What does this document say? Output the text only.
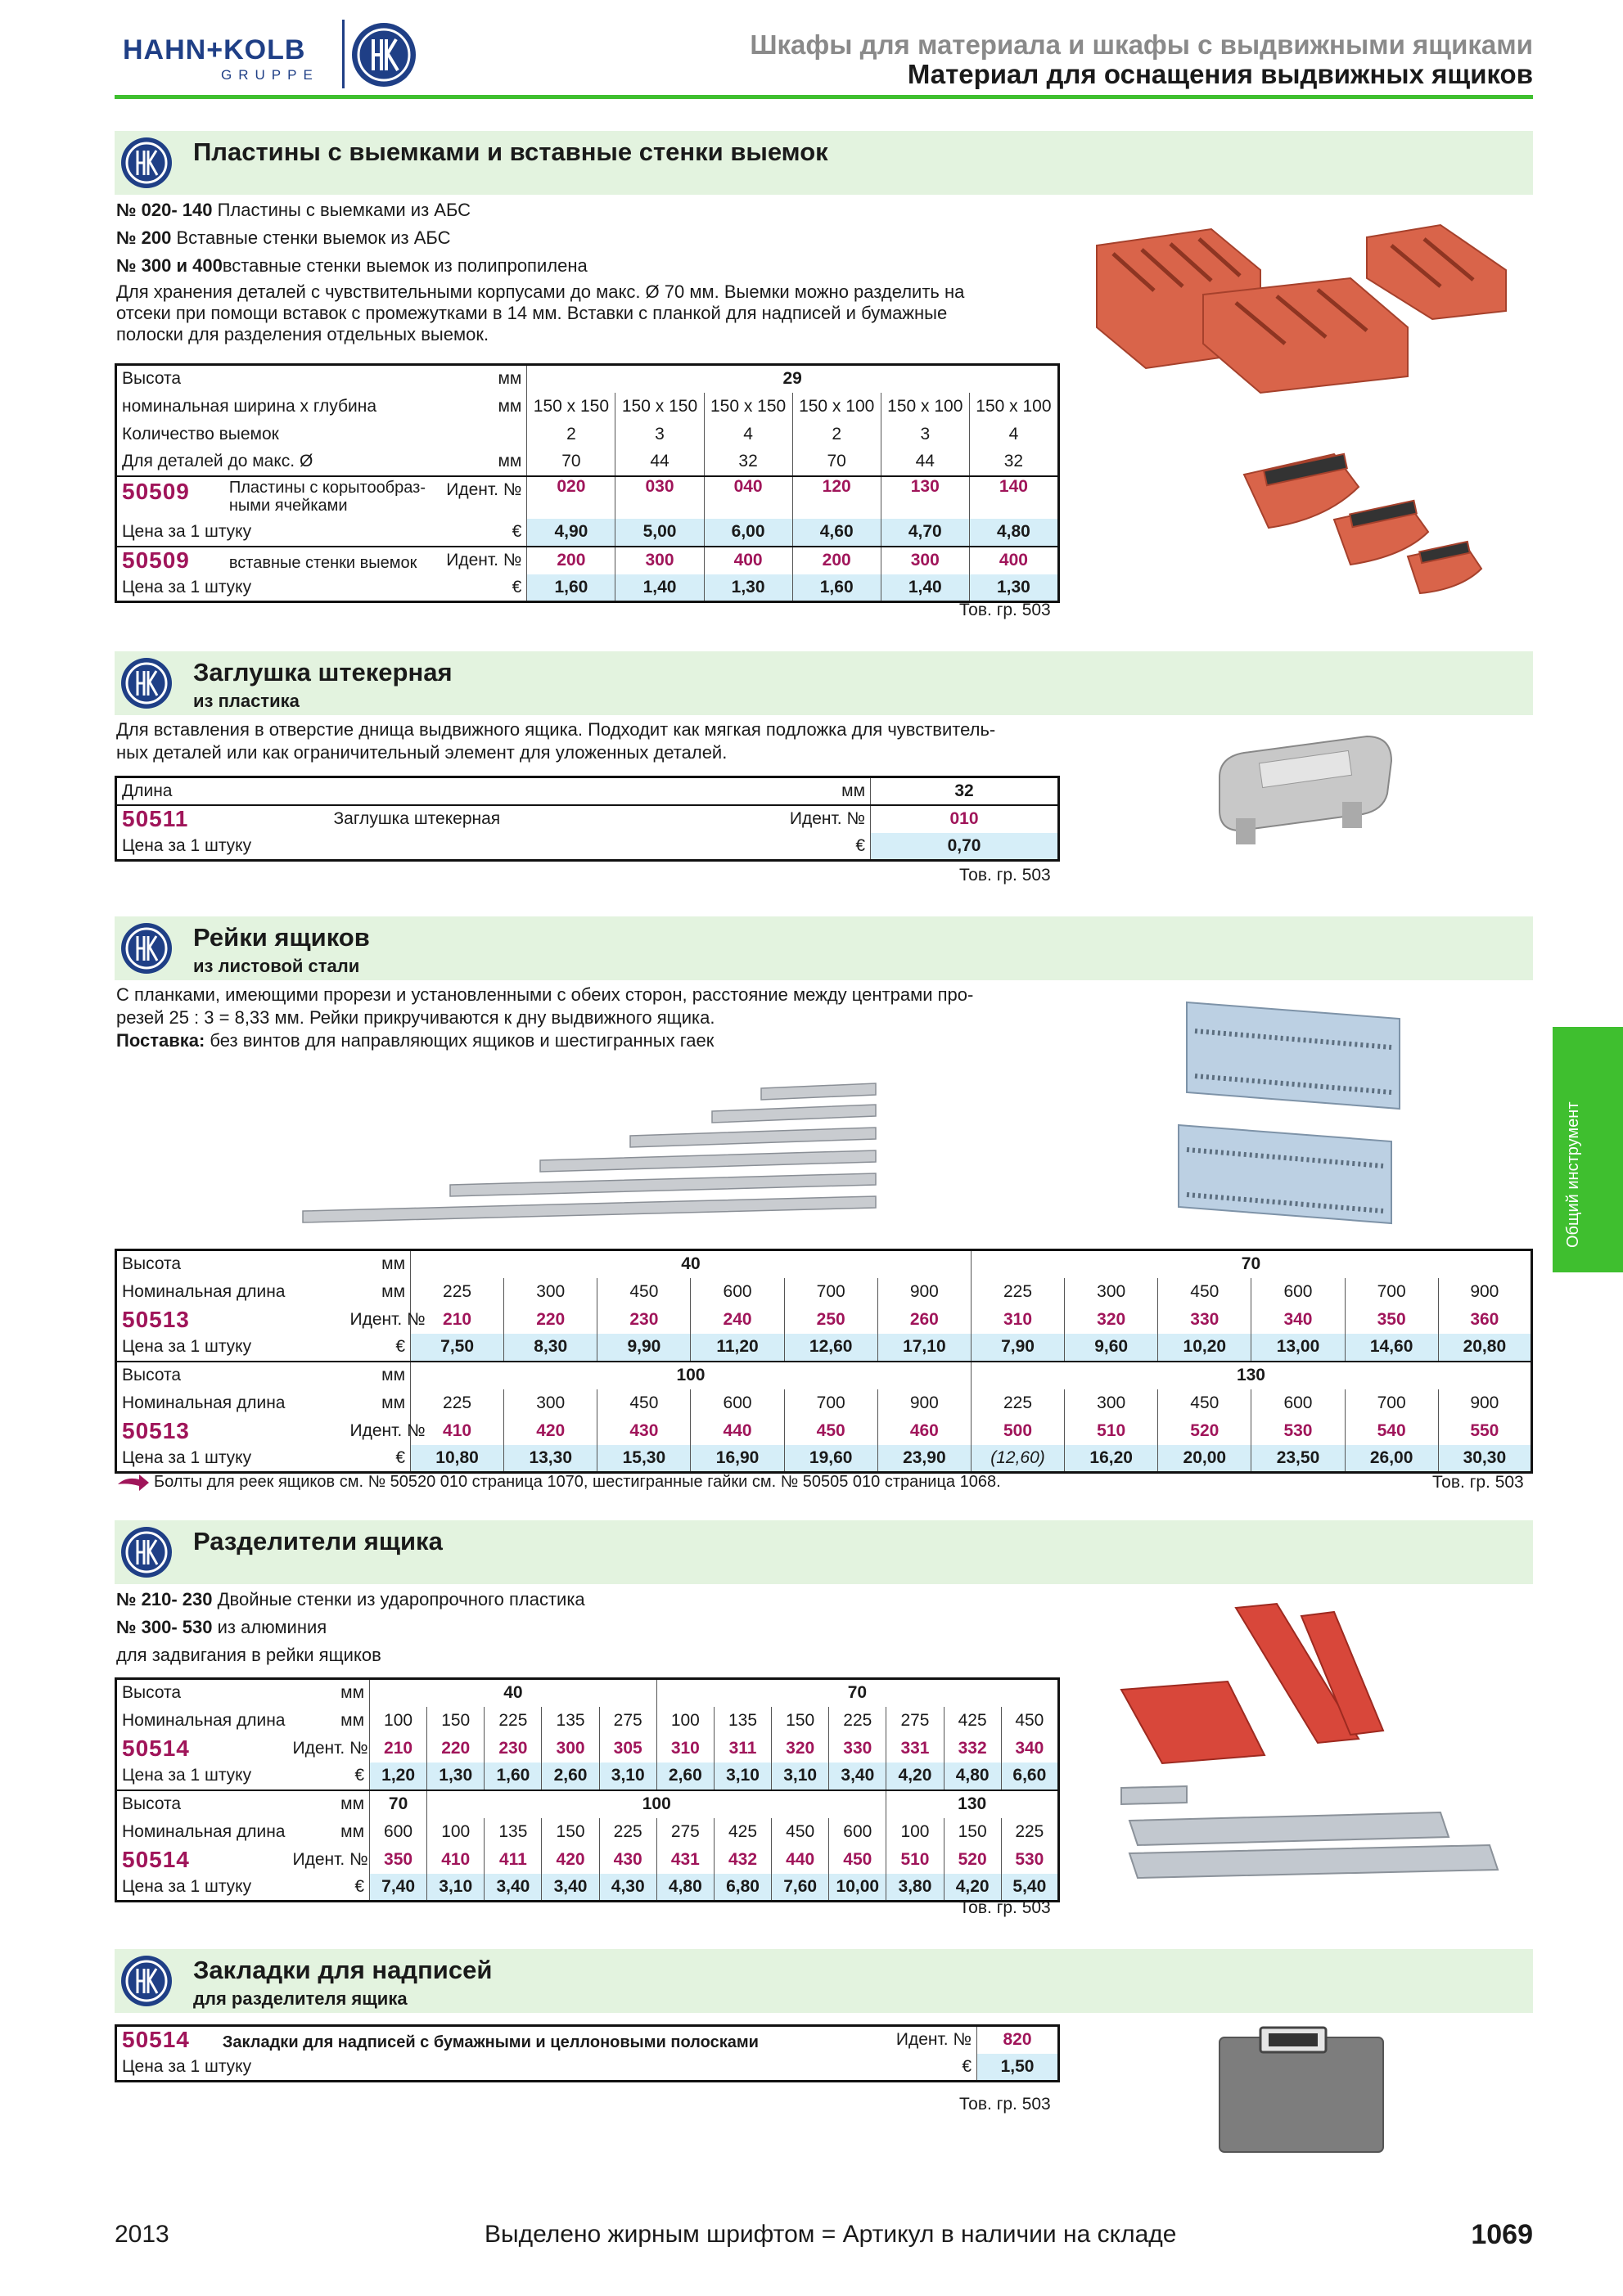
HAHN+KOLB
GRUPPE
Шкафы для материала и шкафы с выдвижными ящиками
Материал для оснащения выдвижных ящиков
Общий инструмент
Пластины с выемками и вставные стенки выемок
№ 020- 140 Пластины с выемками из АБС
№ 200 Вставные стенки выемок из АБС
№ 300 и 400вставные стенки выемок из полипропилена
Для хранения деталей с чувствительными корпусами до макс. Ø 70 мм. Выемки можно разделить на
отсеки при помощи вставок с промежутками в 14 мм. Вставки с планкой для надписей и бумажные
полоски для разделения отдельных выемок.
Высота	мм	29					
номинальная ширина x глубина	мм	150 x 150	150 x 150	150 x 150	150 x 100	150 x 100	150 x 100
Количество выемок		2	3	4	2	3	4
Для деталей до макс. Ø	мм	70	44	32	70	44	32
50509 Пластины с корытообраз-
ными ячейками	Идент. №	020	030	040	120	130	140
Цена за 1 штуку	€	4,90	5,00	6,00	4,60	4,70	4,80
50509 вставные стенки выемок	Идент. №	200	300	400	200	300	400
Цена за 1 штуку	€	1,60	1,40	1,30	1,60	1,40	1,30
Тов. гр. 503
Заглушка штекерная
из пластика
Для вставления в отверстие днища выдвижного ящика. Подходит как мягкая подложка для чувствитель-
ных деталей или как ограничительный элемент для уложенных деталей.
Длина		мм	32
50511	Заглушка штекерная	Идент. №	010
Цена за 1 штуку		€	0,70
Тов. гр. 503
Рейки ящиков
из листовой стали
С планками, имеющими прорези и установленными с обеих сторон, расстояние между центрами про-
резей 25 : 3 = 8,33 мм. Рейки прикручиваются к дну выдвижного ящика.
Поставка: без винтов для направляющих ящиков и шестигранных гаек
Высота	мм	40						70					
Номинальная длина	мм	225	300	450	600	700	900	225	300	450	600	700	900
50513	Идент. №	210	220	230	240	250	260	310	320	330	340	350	360
Цена за 1 штуку	€	7,50	8,30	9,90	11,20	12,60	17,10	7,90	9,60	10,20	13,00	14,60	20,80
Высота	мм	100						130					
Номинальная длина	мм	225	300	450	600	700	900	225	300	450	600	700	900
50513	Идент. №	410	420	430	440	450	460	500	510	520	530	540	550
Цена за 1 штуку	€	10,80	13,30	15,30	16,90	19,60	23,90	(12,60)	16,20	20,00	23,50	26,00	30,30
Болты для реек ящиков см. № 50520 010 страница 1070, шестигранные гайки см. № 50505 010 страница 1068.	Тов. гр. 503
Разделители ящика
№ 210- 230 Двойные стенки из ударопрочного пластика
№ 300- 530 из алюминия
для задвигания в рейки ящиков
Высота	мм	40					70						
Номинальная длина	мм	100	150	225	135	275	100	135	150	225	275	425	450
50514	Идент. №	210	220	230	300	305	310	311	320	330	331	332	340
Цена за 1 штуку	€	1,20	1,30	1,60	2,60	3,10	2,60	3,10	3,10	3,40	4,20	4,80	6,60
Высота	мм	70	100								130		
Номинальная длина	мм	600	100	135	150	225	275	425	450	600	100	150	225
50514	Идент. №	350	410	411	420	430	431	432	440	450	510	520	530
Цена за 1 штуку	€	7,40	3,10	3,40	3,40	4,30	4,80	6,80	7,60	10,00	3,80	4,20	5,40
Тов. гр. 503
Закладки для надписей
для разделителя ящика
50514 Закладки для надписей с бумажными и целлоновыми полосками	Идент. №	820
Цена за 1 штуку	€	1,50
Тов. гр. 503
2013	Выделено жирным шрифтом = Артикул в наличии на складе	1069
